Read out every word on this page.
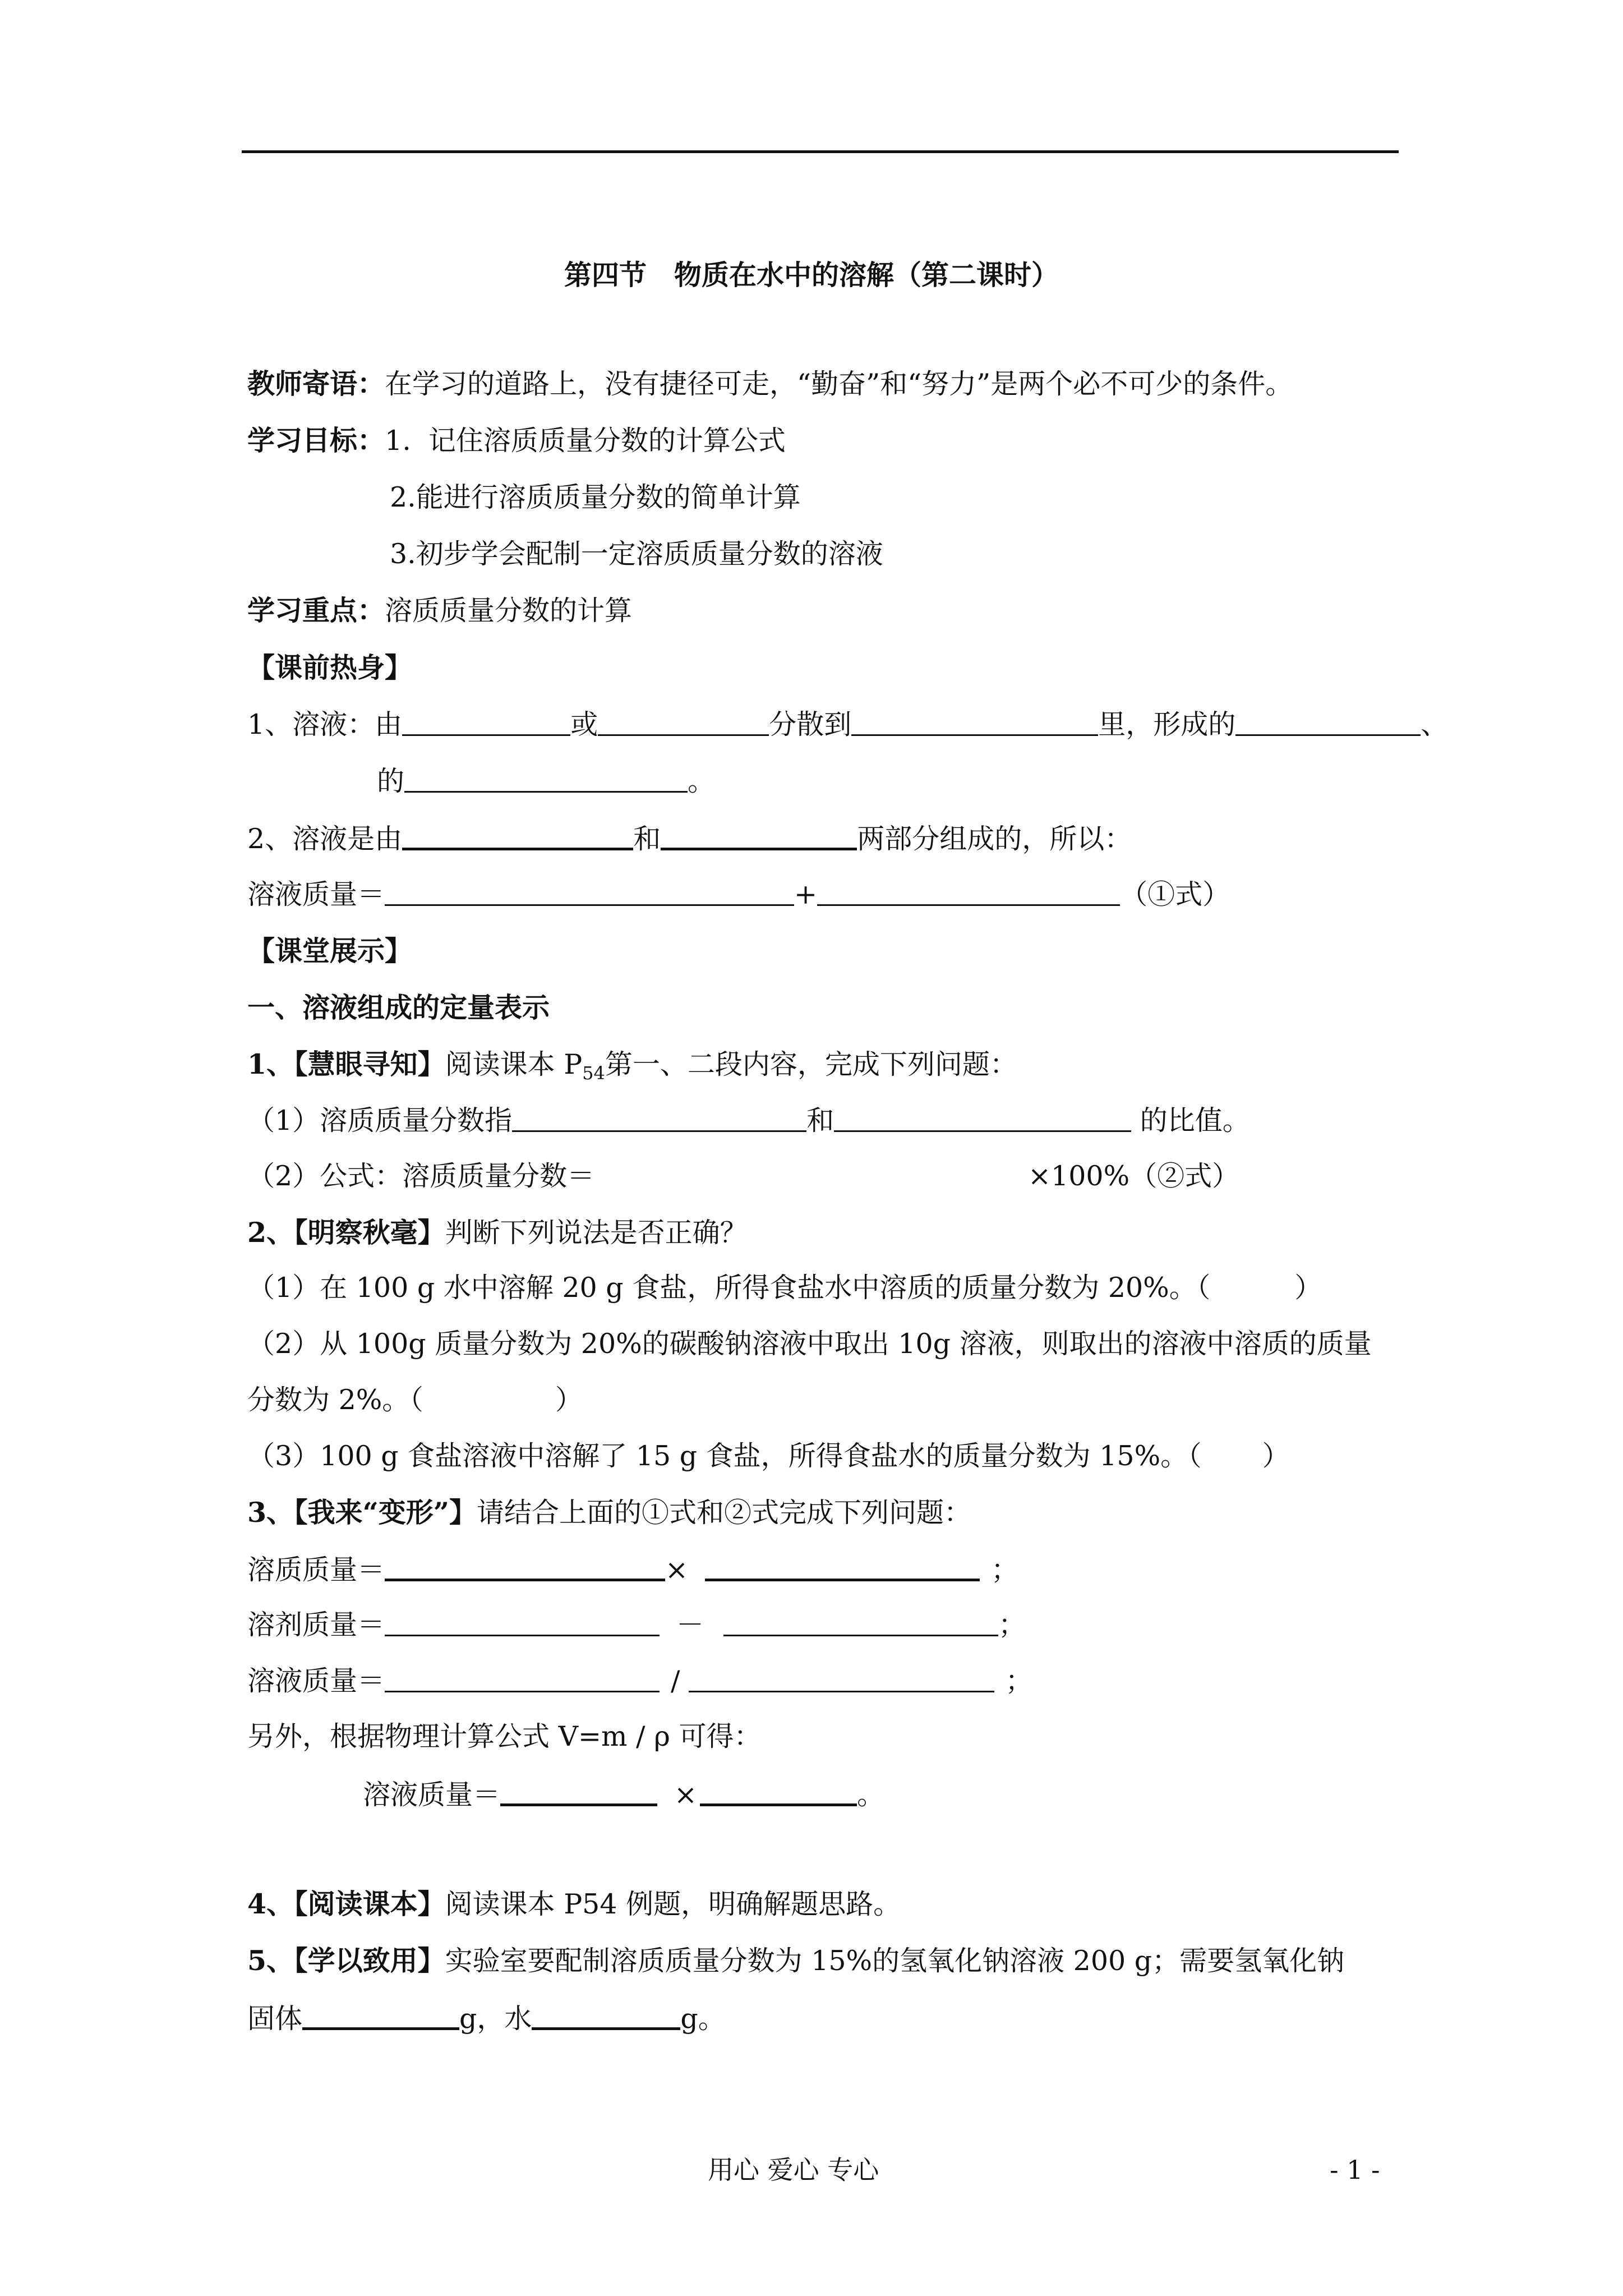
第四节　物质在水中的溶解（第二课时）
教师寄语：在学习的道路上，没有捷径可走，“勤奋”和“努力”是两个必不可少的条件。
学习目标：1.  记住溶质质量分数的计算公式
2.能进行溶质质量分数的简单计算
3.初步学会配制一定溶质质量分数的溶液
学习重点：溶质质量分数的计算
【课前热身】
1、溶液：由	或	分散到	里，形成的	、
的	。
2、溶液是由	和	两部分组成的，所以：
溶液质量＝	+	（①式）
【课堂展示】
一、溶液组成的定量表示
1、【慧眼寻知】阅读课本 $P_{54}$第一、二段内容，完成下列问题：
（1）溶质质量分数指	和	的比值。
（2）公式：溶质质量分数＝	×100%（②式）
2、【明察秋毫】判断下列说法是否正确？
（1）在 100 g 水中溶解 20 g 食盐，所得食盐水中溶质的质量分数为 20%。（	）
（2）从 100g 质量分数为 20%的碳酸钠溶液中取出 10g 溶液，则取出的溶液中溶质的质量
分数为 2%。（	）
（3）100 g 食盐溶液中溶解了 15 g 食盐，所得食盐水的质量分数为 15%。（ ）
3、【我来“变形”】请结合上面的①式和②式完成下列问题：
溶质质量＝	×	；
溶剂质量＝	－	；
溶液质量＝	/	；
另外，根据物理计算公式 V=m / ρ 可得：
溶液质量＝	×	。
4、【阅读课本】阅读课本 P54 例题，明确解题思路。
5、【学以致用】实验室要配制溶质质量分数为 15%的氢氧化钠溶液 200 g；需要氢氧化钠
固体	g，水	g。
用心 爱心 专心	- 1 -
